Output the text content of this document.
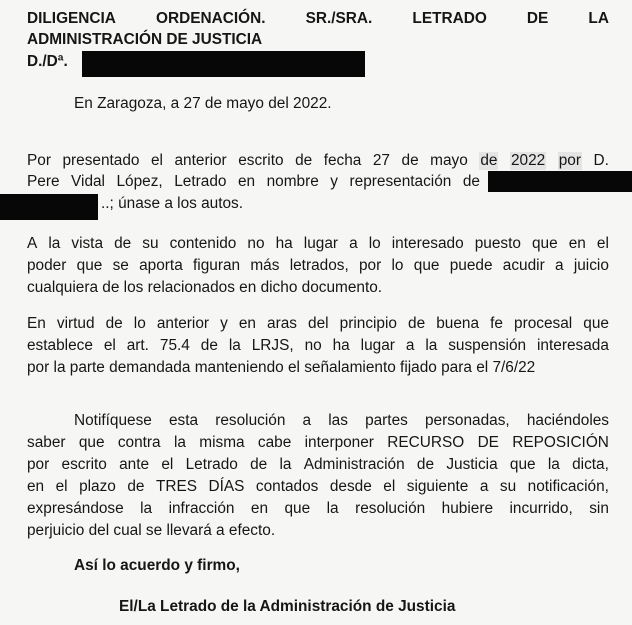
DILIGENCIA	ORDENACIÓN.	SR./SRA.	LETRADO	DE	LA
ADMINISTRACIÓN DE JUSTICIA
D./Dª.
En Zaragoza, a 27 de mayo del 2022.
Por presentado el anterior escrito de fecha 27 de mayo de 2022 por D.
Pere Vidal López, Letrado en nombre y representación de
..; únase a los autos.
A la vista de su contenido no ha lugar a lo interesado puesto que en el
poder que se aporta figuran más letrados, por lo que puede acudir a juicio
cualquiera de los relacionados en dicho documento.
En virtud de lo anterior y en aras del principio de buena fe procesal que
establece el art. 75.4 de la LRJS, no ha lugar a la suspensión interesada
por la parte demandada manteniendo el señalamiento fijado para el 7/6/22
Notifíquese esta resolución a las partes personadas, haciéndoles
saber que contra la misma cabe interponer RECURSO DE REPOSICIÓN
por escrito ante el Letrado de la Administración de Justicia que la dicta,
en el plazo de TRES DÍAS contados desde el siguiente a su notificación,
expresándose la infracción en que la resolución hubiere incurrido, sin
perjuicio del cual se llevará a efecto.
Así lo acuerdo y firmo,
El/La Letrado de la Administración de Justicia
